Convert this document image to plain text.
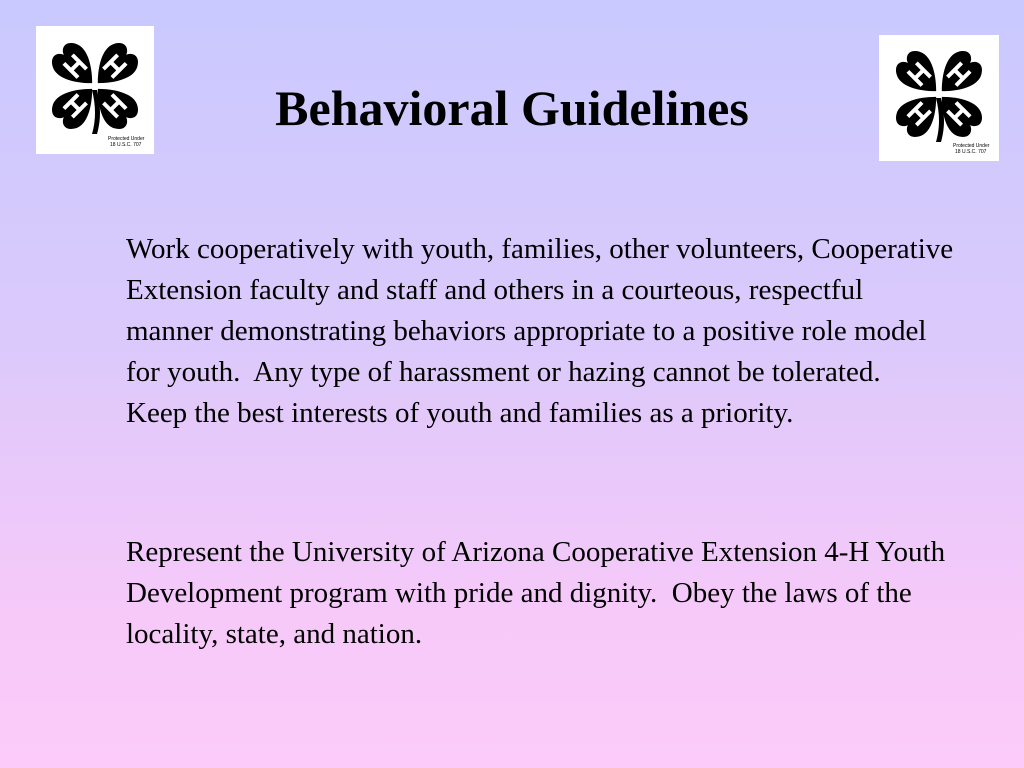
Protected Under
18 U.S.C. 707
Behavioral Guidelines
Protected Under
18 U.S.C. 707

Work cooperatively with youth, families, other volunteers, Cooperative Extension faculty and staff and others in a courteous, respectful manner demonstrating behaviors appropriate to a positive role model for youth.  Any type of harassment or hazing cannot be tolerated.  Keep the best interests of youth and families as a priority.

Represent the University of Arizona Cooperative Extension 4-H Youth Development program with pride and dignity.  Obey the laws of the locality, state, and nation.
